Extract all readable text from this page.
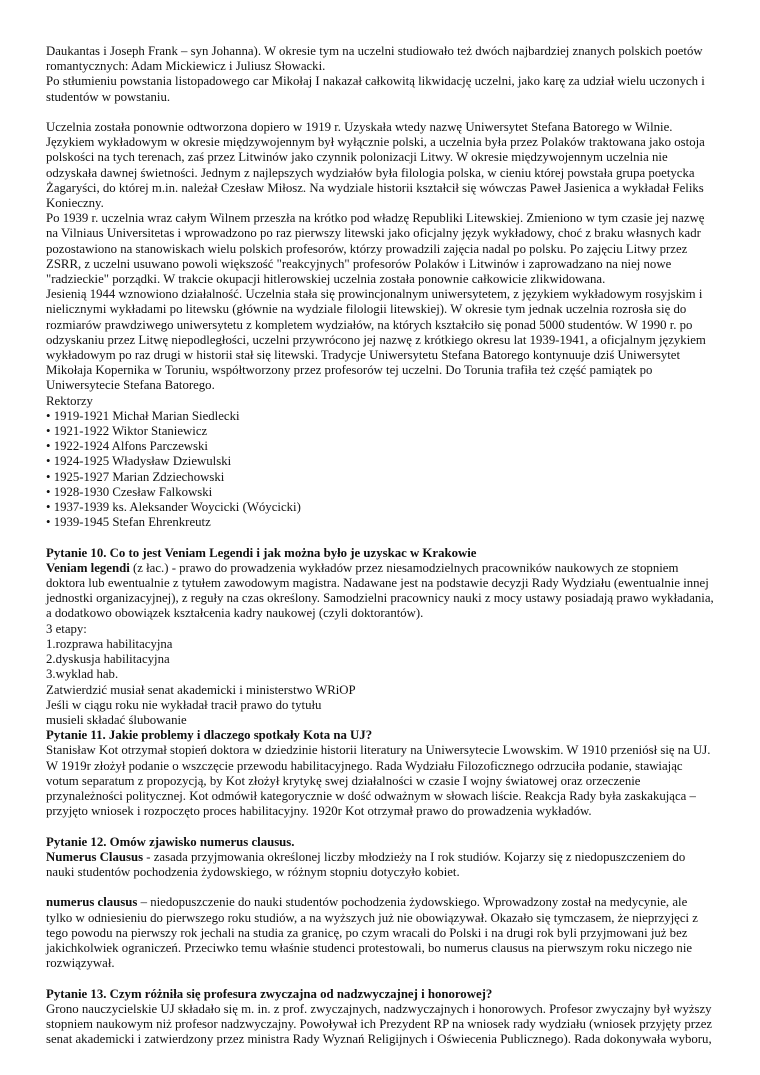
Daukantas i Joseph Frank – syn Johanna). W okresie tym na uczelni studiowało też dwóch najbardziej znanych polskich poetów romantycznych: Adam Mickiewicz i Juliusz Słowacki.

Po stłumieniu powstania listopadowego car Mikołaj I nakazał całkowitą likwidację uczelni, jako karę za udział wielu uczonych i studentów w powstaniu.

Uczelnia została ponownie odtworzona dopiero w 1919 r. Uzyskała wtedy nazwę Uniwersytet Stefana Batorego w Wilnie. Językiem wykładowym w okresie międzywojennym był wyłącznie polski, a uczelnia była przez Polaków traktowana jako ostoja polskości na tych terenach, zaś przez Litwinów jako czynnik polonizacji Litwy. W okresie międzywojennym uczelnia nie odzyskała dawnej świetności. Jednym z najlepszych wydziałów była filologia polska, w cieniu której powstała grupa poetycka Żagaryści, do której m.in. należał Czesław Miłosz. Na wydziale historii kształcił się wówczas Paweł Jasienica a wykładał Feliks Konieczny.

Po 1939 r. uczelnia wraz całym Wilnem przeszła na krótko pod władzę Republiki Litewskiej. Zmieniono w tym czasie jej nazwę na Vilniaus Universitetas i wprowadzono po raz pierwszy litewski jako oficjalny język wykładowy, choć z braku własnych kadr pozostawiono na stanowiskach wielu polskich profesorów, którzy prowadzili zajęcia nadal po polsku. Po zajęciu Litwy przez ZSRR, z uczelni usuwano powoli większość "reakcyjnych" profesorów Polaków i Litwinów i zaprowadzano na niej nowe "radzieckie" porządki. W trakcie okupacji hitlerowskiej uczelnia została ponownie całkowicie zlikwidowana.

Jesienią 1944 wznowiono działalność. Uczelnia stała się prowincjonalnym uniwersytetem, z językiem wykładowym rosyjskim i nielicznymi wykładami po litewsku (głównie na wydziale filologii litewskiej). W okresie tym jednak uczelnia rozrosła się do rozmiarów prawdziwego uniwersytetu z kompletem wydziałów, na których kształciło się ponad 5000 studentów. W 1990 r. po odzyskaniu przez Litwę niepodległości, uczelni przywrócono jej nazwę z krótkiego okresu lat 1939-1941, a oficjalnym językiem wykładowym po raz drugi w historii stał się litewski. Tradycje Uniwersytetu Stefana Batorego kontynuuje dziś Uniwersytet Mikołaja Kopernika w Toruniu, współtworzony przez profesorów tej uczelni. Do Torunia trafiła też część pamiątek po Uniwersytecie Stefana Batorego.

Rektorzy

• 1919-1921 Michał Marian Siedlecki
• 1921-1922 Wiktor Staniewicz
• 1922-1924 Alfons Parczewski
• 1924-1925 Władysław Dziewulski
• 1925-1927 Marian Zdziechowski
• 1928-1930 Czesław Falkowski
• 1937-1939 ks. Aleksander Woycicki (Wóycicki)
• 1939-1945 Stefan Ehrenkreutz

Pytanie 10. Co to jest Veniam Legendi i jak można było je uzyskac w Krakowie

Veniam legendi (z łac.) - prawo do prowadzenia wykładów przez niesamodzielnych pracowników naukowych ze stopniem doktora lub ewentualnie z tytułem zawodowym magistra. Nadawane jest na podstawie decyzji Rady Wydziału (ewentualnie innej jednostki organizacyjnej), z reguły na czas określony. Samodzielni pracownicy nauki z mocy ustawy posiadają prawo wykładania, a dodatkowo obowiązek kształcenia kadry naukowej (czyli doktorantów).

3 etapy:

1.rozprawa habilitacyjna
2.dyskusja habilitacyjna
3.wyklad hab.

Zatwierdzić musiał senat akademicki i ministerstwo WRiOP

Jeśli w ciągu roku nie wykładał tracił prawo do tytułu

musieli składać ślubowanie

Pytanie 11. Jakie problemy i dlaczego spotkały Kota na UJ?

Stanisław Kot otrzymał stopień doktora w dziedzinie historii literatury na Uniwersytecie Lwowskim. W 1910 przeniósł się na UJ. W 1919r złożył podanie o wszczęcie przewodu habilitacyjnego. Rada Wydziału Filozoficznego odrzuciła podanie, stawiając votum separatum z propozycją, by Kot złożył krytykę swej działalności w czasie I wojny światowej oraz orzeczenie przynależności politycznej. Kot odmówił kategorycznie w dość odważnym w słowach liście. Reakcja Rady była zaskakująca – przyjęto wniosek i rozpoczęto proces habilitacyjny. 1920r Kot otrzymał prawo do prowadzenia wykładów.

Pytanie 12. Omów zjawisko numerus clausus.

Numerus Clausus - zasada przyjmowania określonej liczby młodzieży na I rok studiów. Kojarzy się z niedopuszczeniem do nauki studentów pochodzenia żydowskiego, w różnym stopniu dotyczyło kobiet.

numerus clausus – niedopuszczenie do nauki studentów pochodzenia żydowskiego. Wprowadzony został na medycynie, ale tylko w odniesieniu do pierwszego roku studiów, a na wyższych już nie obowiązywał. Okazało się tymczasem, że nieprzyjęci z tego powodu na pierwszy rok jechali na studia za granicę, po czym wracali do Polski i na drugi rok byli przyjmowani już bez jakichkolwiek ograniczeń. Przeciwko temu właśnie studenci protestowali, bo numerus clausus na pierwszym roku niczego nie rozwiązywał.

Pytanie 13. Czym różniła się profesura zwyczajna od nadzwyczajnej i honorowej?

Grono nauczycielskie UJ składało się m. in. z prof. zwyczajnych, nadzwyczajnych i honorowych. Profesor zwyczajny był wyższy stopniem naukowym niż profesor nadzwyczajny. Powoływał ich Prezydent RP na wniosek rady wydziału (wniosek przyjęty przez senat akademicki i zatwierdzony przez ministra Rady Wyznań Religijnych i Oświecenia Publicznego). Rada dokonywała wyboru,
